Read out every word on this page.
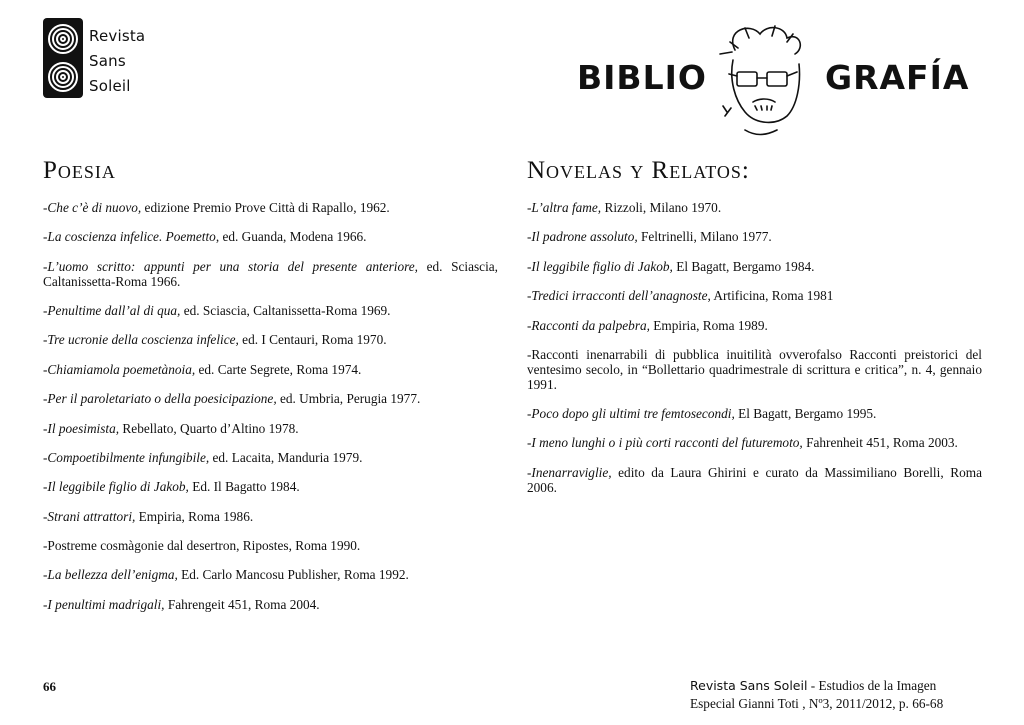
Revista
Sans
Soleil	BIBLIO	GRAFÍA
Poesia
-Che c’è di nuovo, edizione Premio Prove Città di Rapallo, 1962.
-La coscienza infelice. Poemetto, ed. Guanda, Modena 1966.
-L’uomo scritto: appunti per una storia del presente anteriore, ed. Sciascia, Caltanissetta-Roma 1966.
-Penultime dall’al di qua, ed. Sciascia, Caltanissetta-Roma 1969.
-Tre ucronie della coscienza infelice, ed. I Centauri, Roma 1970.
-Chiamiamola poemetànoia, ed. Carte Segrete, Roma 1974.
-Per il paroletariato o della poesicipazione, ed. Umbria, Perugia 1977.
-Il poesimista, Rebellato, Quarto d’Altino 1978.
-Compoetibilmente infungibile, ed. Lacaita, Manduria 1979.
-Il leggibile figlio di Jakob, Ed. Il Bagatto 1984.
-Strani attrattori, Empiria, Roma 1986.
-Postreme cosmàgonie dal desertron, Ripostes, Roma 1990.
-La bellezza dell’enigma, Ed. Carlo Mancosu Publisher, Roma 1992.
-I penultimi madrigali, Fahrengeit 451, Roma 2004.
Novelas y Relatos:
-L’altra fame, Rizzoli, Milano 1970.
-Il padrone assoluto, Feltrinelli, Milano 1977.
-Il leggibile figlio di Jakob, El Bagatt, Bergamo 1984.
-Tredici irracconti dell’anagnoste, Artificina, Roma 1981
-Racconti da palpebra, Empiria, Roma 1989.
-Racconti inenarrabili di pubblica inuitilità ovverofalso Racconti preistorici del ventesimo secolo, in “Bollettario quadrimestrale di scrittura e critica”, n. 4, gennaio 1991.
-Poco dopo gli ultimi tre femtosecondi, El Bagatt, Bergamo 1995.
-I meno lunghi o i più corti racconti del futuremoto, Fahrenheit 451, Roma 2003.
-Inenarraviglie, edito da Laura Ghirini e curato da Massimiliano Borelli, Roma 2006.
66	Revista Sans Soleil - Estudios de la Imagen
Especial Gianni Toti , Nº3, 2011/2012, p. 66-68
